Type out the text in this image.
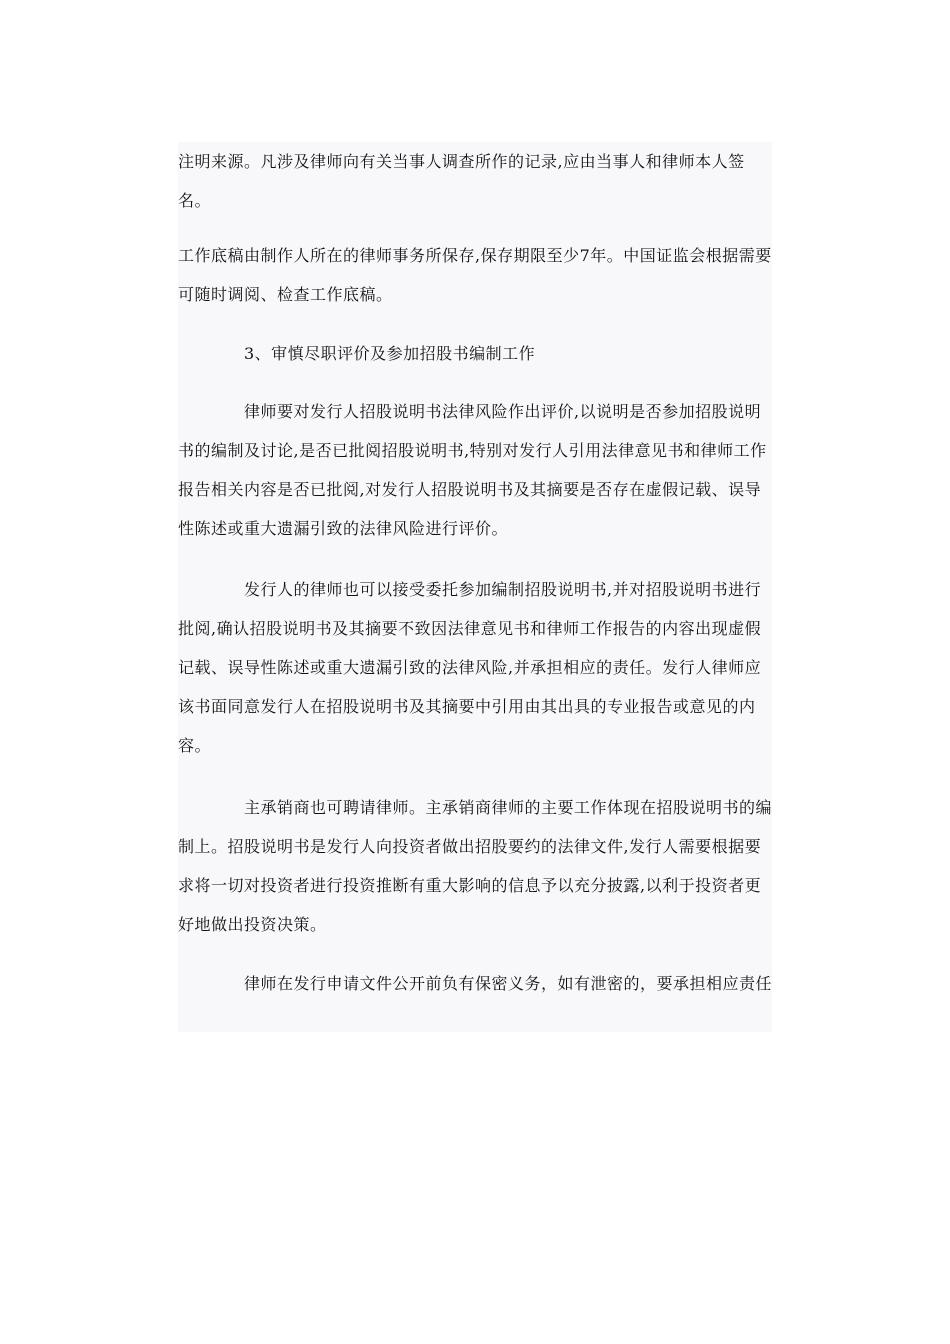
注明来源。凡涉及律师向有关当事人调查所作的记录,应由当事人和律师本人签名。

工作底稿由制作人所在的律师事务所保存,保存期限至少7年。中国证监会根据需要可随时调阅、检查工作底稿。

3、审慎尽职评价及参加招股书编制工作

律师要对发行人招股说明书法律风险作出评价,以说明是否参加招股说明书的编制及讨论,是否已批阅招股说明书,特别对发行人引用法律意见书和律师工作报告相关内容是否已批阅,对发行人招股说明书及其摘要是否存在虚假记载、误导性陈述或重大遗漏引致的法律风险进行评价。

发行人的律师也可以接受委托参加编制招股说明书,并对招股说明书进行批阅,确认招股说明书及其摘要不致因法律意见书和律师工作报告的内容出现虚假记载、误导性陈述或重大遗漏引致的法律风险,并承担相应的责任。发行人律师应该书面同意发行人在招股说明书及其摘要中引用由其出具的专业报告或意见的内容。

主承销商也可聘请律师。主承销商律师的主要工作体现在招股说明书的编制上。招股说明书是发行人向投资者做出招股要约的法律文件,发行人需要根据要求将一切对投资者进行投资推断有重大影响的信息予以充分披露,以利于投资者更好地做出投资决策。

律师在发行申请文件公开前负有保密义务，如有泄密的，要承担相应责任
